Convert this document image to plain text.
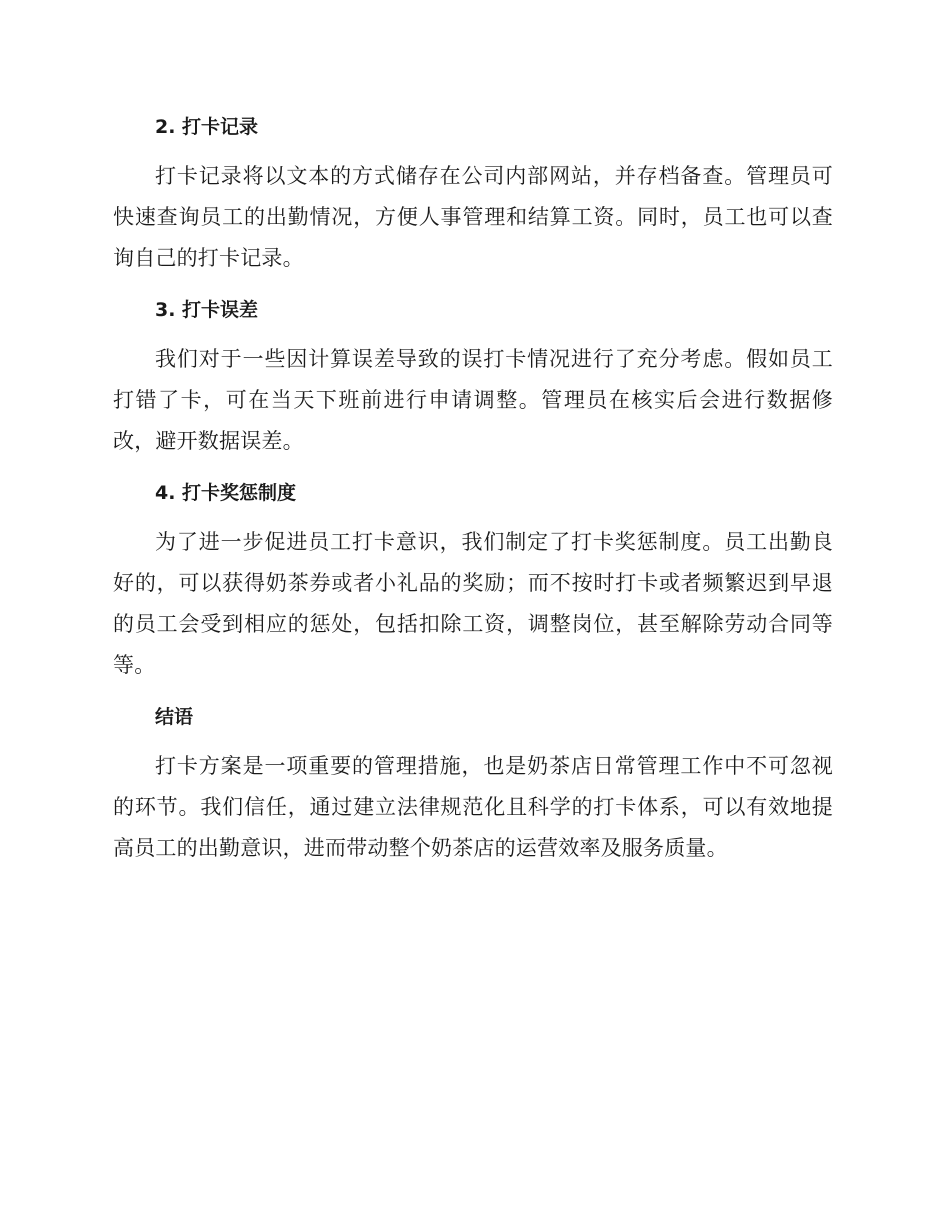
2. 打卡记录

打卡记录将以文本的方式储存在公司内部网站，并存档备查。管理员可快速查询员工的出勤情况，方便人事管理和结算工资。同时，员工也可以查询自己的打卡记录。

3. 打卡误差

我们对于一些因计算误差导致的误打卡情况进行了充分考虑。假如员工打错了卡，可在当天下班前进行申请调整。管理员在核实后会进行数据修改，避开数据误差。

4. 打卡奖惩制度

为了进一步促进员工打卡意识，我们制定了打卡奖惩制度。员工出勤良好的，可以获得奶茶券或者小礼品的奖励；而不按时打卡或者频繁迟到早退的员工会受到相应的惩处，包括扣除工资，调整岗位，甚至解除劳动合同等等。

结语

打卡方案是一项重要的管理措施，也是奶茶店日常管理工作中不可忽视的环节。我们信任，通过建立法律规范化且科学的打卡体系，可以有效地提高员工的出勤意识，进而带动整个奶茶店的运营效率及服务质量。
